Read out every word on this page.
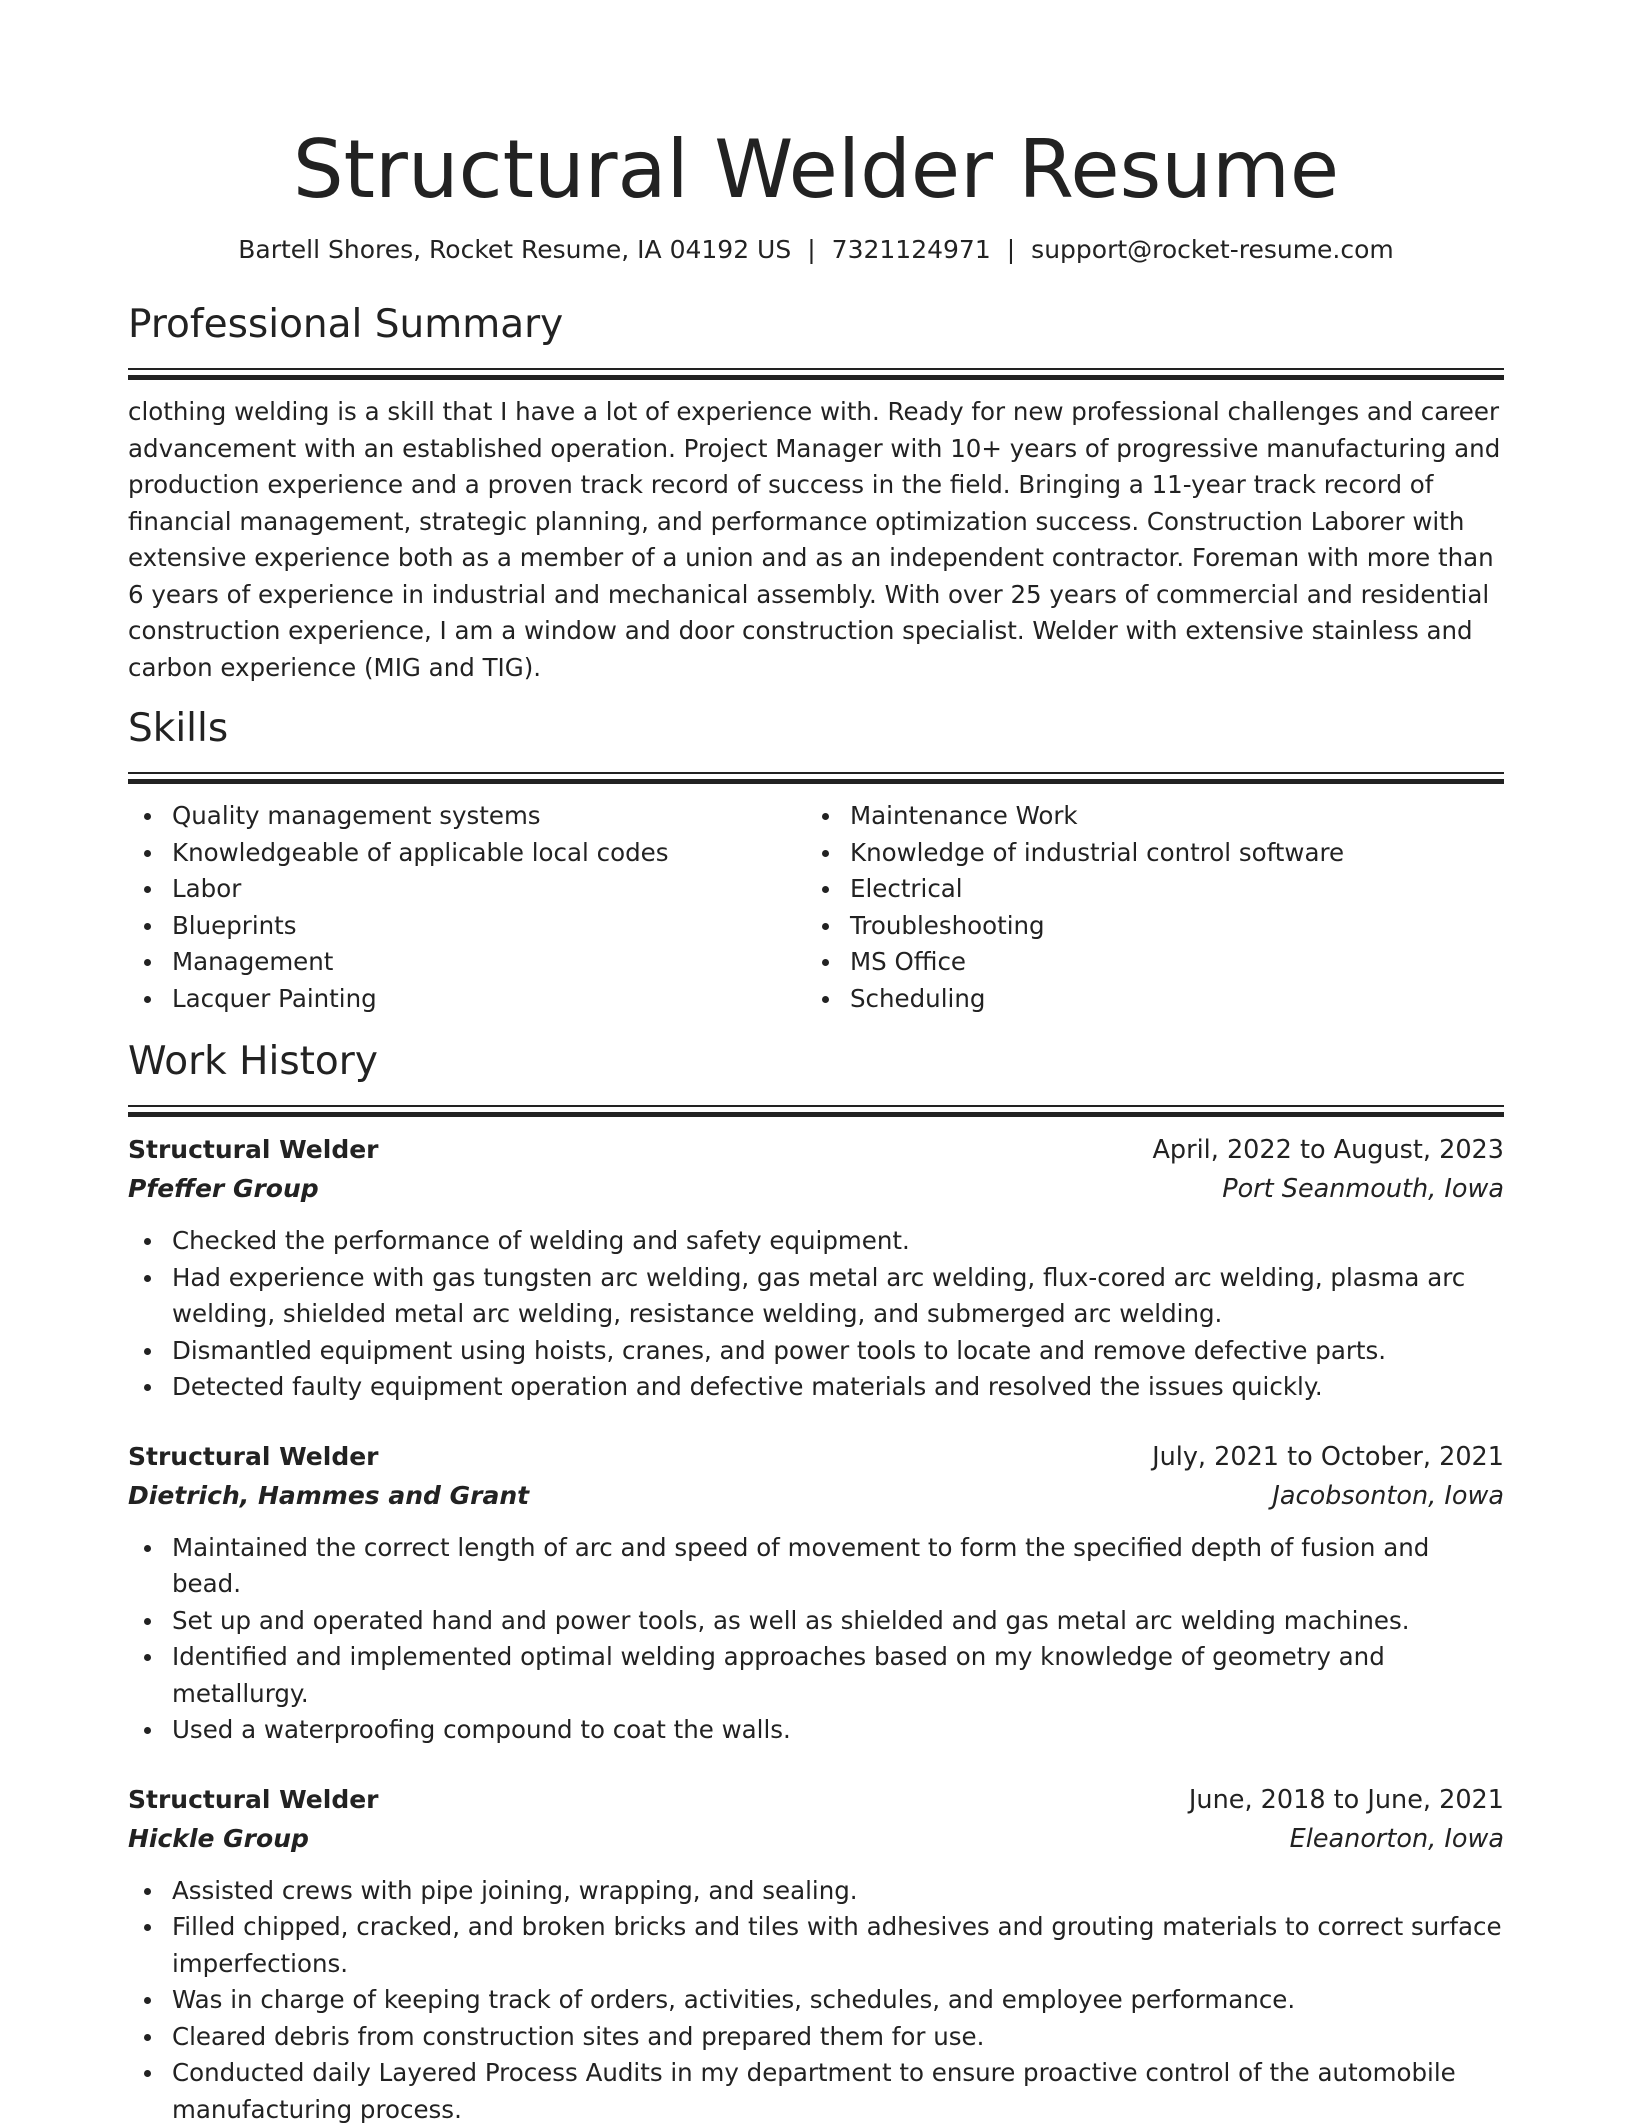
Structural Welder Resume
Bartell Shores, Rocket Resume, IA 04192 US | 7321124971 | support@rocket-resume.com
Professional Summary

clothing welding is a skill that I have a lot of experience with. Ready for new professional challenges and career advancement with an established operation. Project Manager with 10+ years of progressive manufacturing and production experience and a proven track record of success in the field. Bringing a 11-year track record of financial management, strategic planning, and performance optimization success. Construction Laborer with extensive experience both as a member of a union and as an independent contractor. Foreman with more than 6 years of experience in industrial and mechanical assembly. With over 25 years of commercial and residential construction experience, I am a window and door construction specialist. Welder with extensive stainless and carbon experience (MIG and TIG).

Skills
Quality management systems
Knowledgeable of applicable local codes
Labor
Blueprints
Management
Lacquer Painting
Maintenance Work
Knowledge of industrial control software
Electrical
Troubleshooting
MS Office
Scheduling
Work History
Structural Welder	April, 2022 to August, 2023
Pfeffer Group	Port Seanmouth, Iowa
Checked the performance of welding and safety equipment.
Had experience with gas tungsten arc welding, gas metal arc welding, flux-cored arc welding, plasma arc welding, shielded metal arc welding, resistance welding, and submerged arc welding.
Dismantled equipment using hoists, cranes, and power tools to locate and remove defective parts.
Detected faulty equipment operation and defective materials and resolved the issues quickly.
Structural Welder	July, 2021 to October, 2021
Dietrich, Hammes and Grant	Jacobsonton, Iowa
Maintained the correct length of arc and speed of movement to form the specified depth of fusion and bead.
Set up and operated hand and power tools, as well as shielded and gas metal arc welding machines.
Identified and implemented optimal welding approaches based on my knowledge of geometry and metallurgy.
Used a waterproofing compound to coat the walls.
Structural Welder	June, 2018 to June, 2021
Hickle Group	Eleanorton, Iowa
Assisted crews with pipe joining, wrapping, and sealing.
Filled chipped, cracked, and broken bricks and tiles with adhesives and grouting materials to correct surface imperfections.
Was in charge of keeping track of orders, activities, schedules, and employee performance.
Cleared debris from construction sites and prepared them for use.
Conducted daily Layered Process Audits in my department to ensure proactive control of the automobile manufacturing process.
